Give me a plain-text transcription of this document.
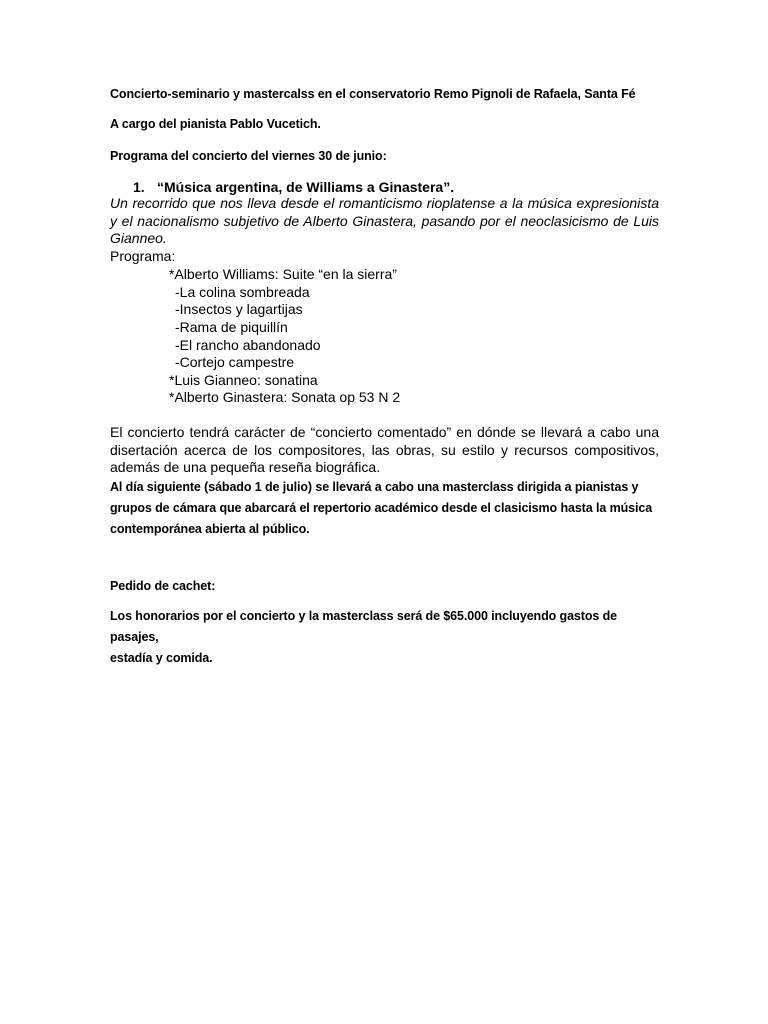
Concierto-seminario y mastercalss en el conservatorio Remo Pignoli de Rafaela, Santa Fé
A cargo del pianista Pablo Vucetich.
Programa del concierto del viernes 30 de junio:
1. “Música argentina, de Williams a Ginastera”.
Un recorrido que nos lleva desde el romanticismo rioplatense a la música expresionista
y el nacionalismo subjetivo de Alberto Ginastera, pasando por el neoclasicismo de Luis
Gianneo.
Programa:
*Alberto Williams: Suite “en la sierra”
-La colina sombreada
-Insectos y lagartijas
-Rama de piquillín
-El rancho abandonado
-Cortejo campestre
*Luis Gianneo: sonatina
*Alberto Ginastera: Sonata op 53 N 2
El concierto tendrá carácter de “concierto comentado” en dónde se llevará a cabo una
disertación acerca de los compositores, las obras, su estilo y recursos compositivos,
además de una pequeña reseña biográfica.
Al día siguiente (sábado 1 de julio) se llevará a cabo una masterclass dirigida a pianistas y
grupos de cámara que abarcará el repertorio académico desde el clasicismo hasta la música
contemporánea abierta al público.
Pedido de cachet:
Los honorarios por el concierto y la masterclass será de $65.000 incluyendo gastos de pasajes,
estadía y comida.
